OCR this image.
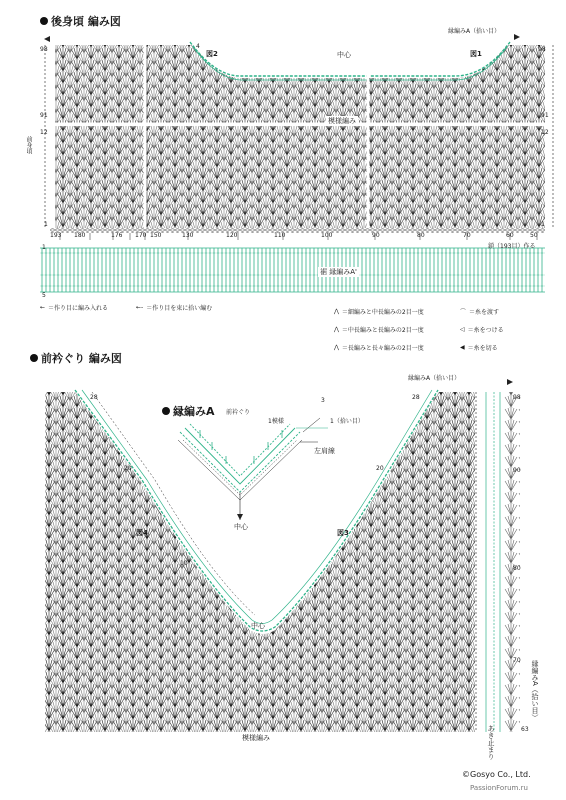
後身頃 編み図
図2	図1
中心
縁編みA（拾い目）
模様編み
裾 縁編みA'
鎖（193目）作る
前身頃
98	4	98
91	91
12	12
1	1
1
5
193 180	176 170 150	130	120	110	100	90	80	70	60	50
← ＝作り目に編み入れる	←‐ ＝作り目を束に拾い編む	⋀ ＝細編みと中長編みの2目一度
⋀ ＝中長編みと長編みの2目一度
⋀ ＝長編みと長々編みの2目一度
⌒ ＝糸を渡す
◁ ＝糸をつける
◀ ＝糸を切る
前衿ぐり 編み図
縁編みA（拾い目）
図4	図3
中心
模様編み
28
20
10
20
28	98
90
80
70
63
縁編みA（拾い目）
あき止まり
縁編みA 前衿ぐり
1模様	1（拾い目）
3
左肩線
中心
©Gosyo Co., Ltd.
PassionForum.ru
